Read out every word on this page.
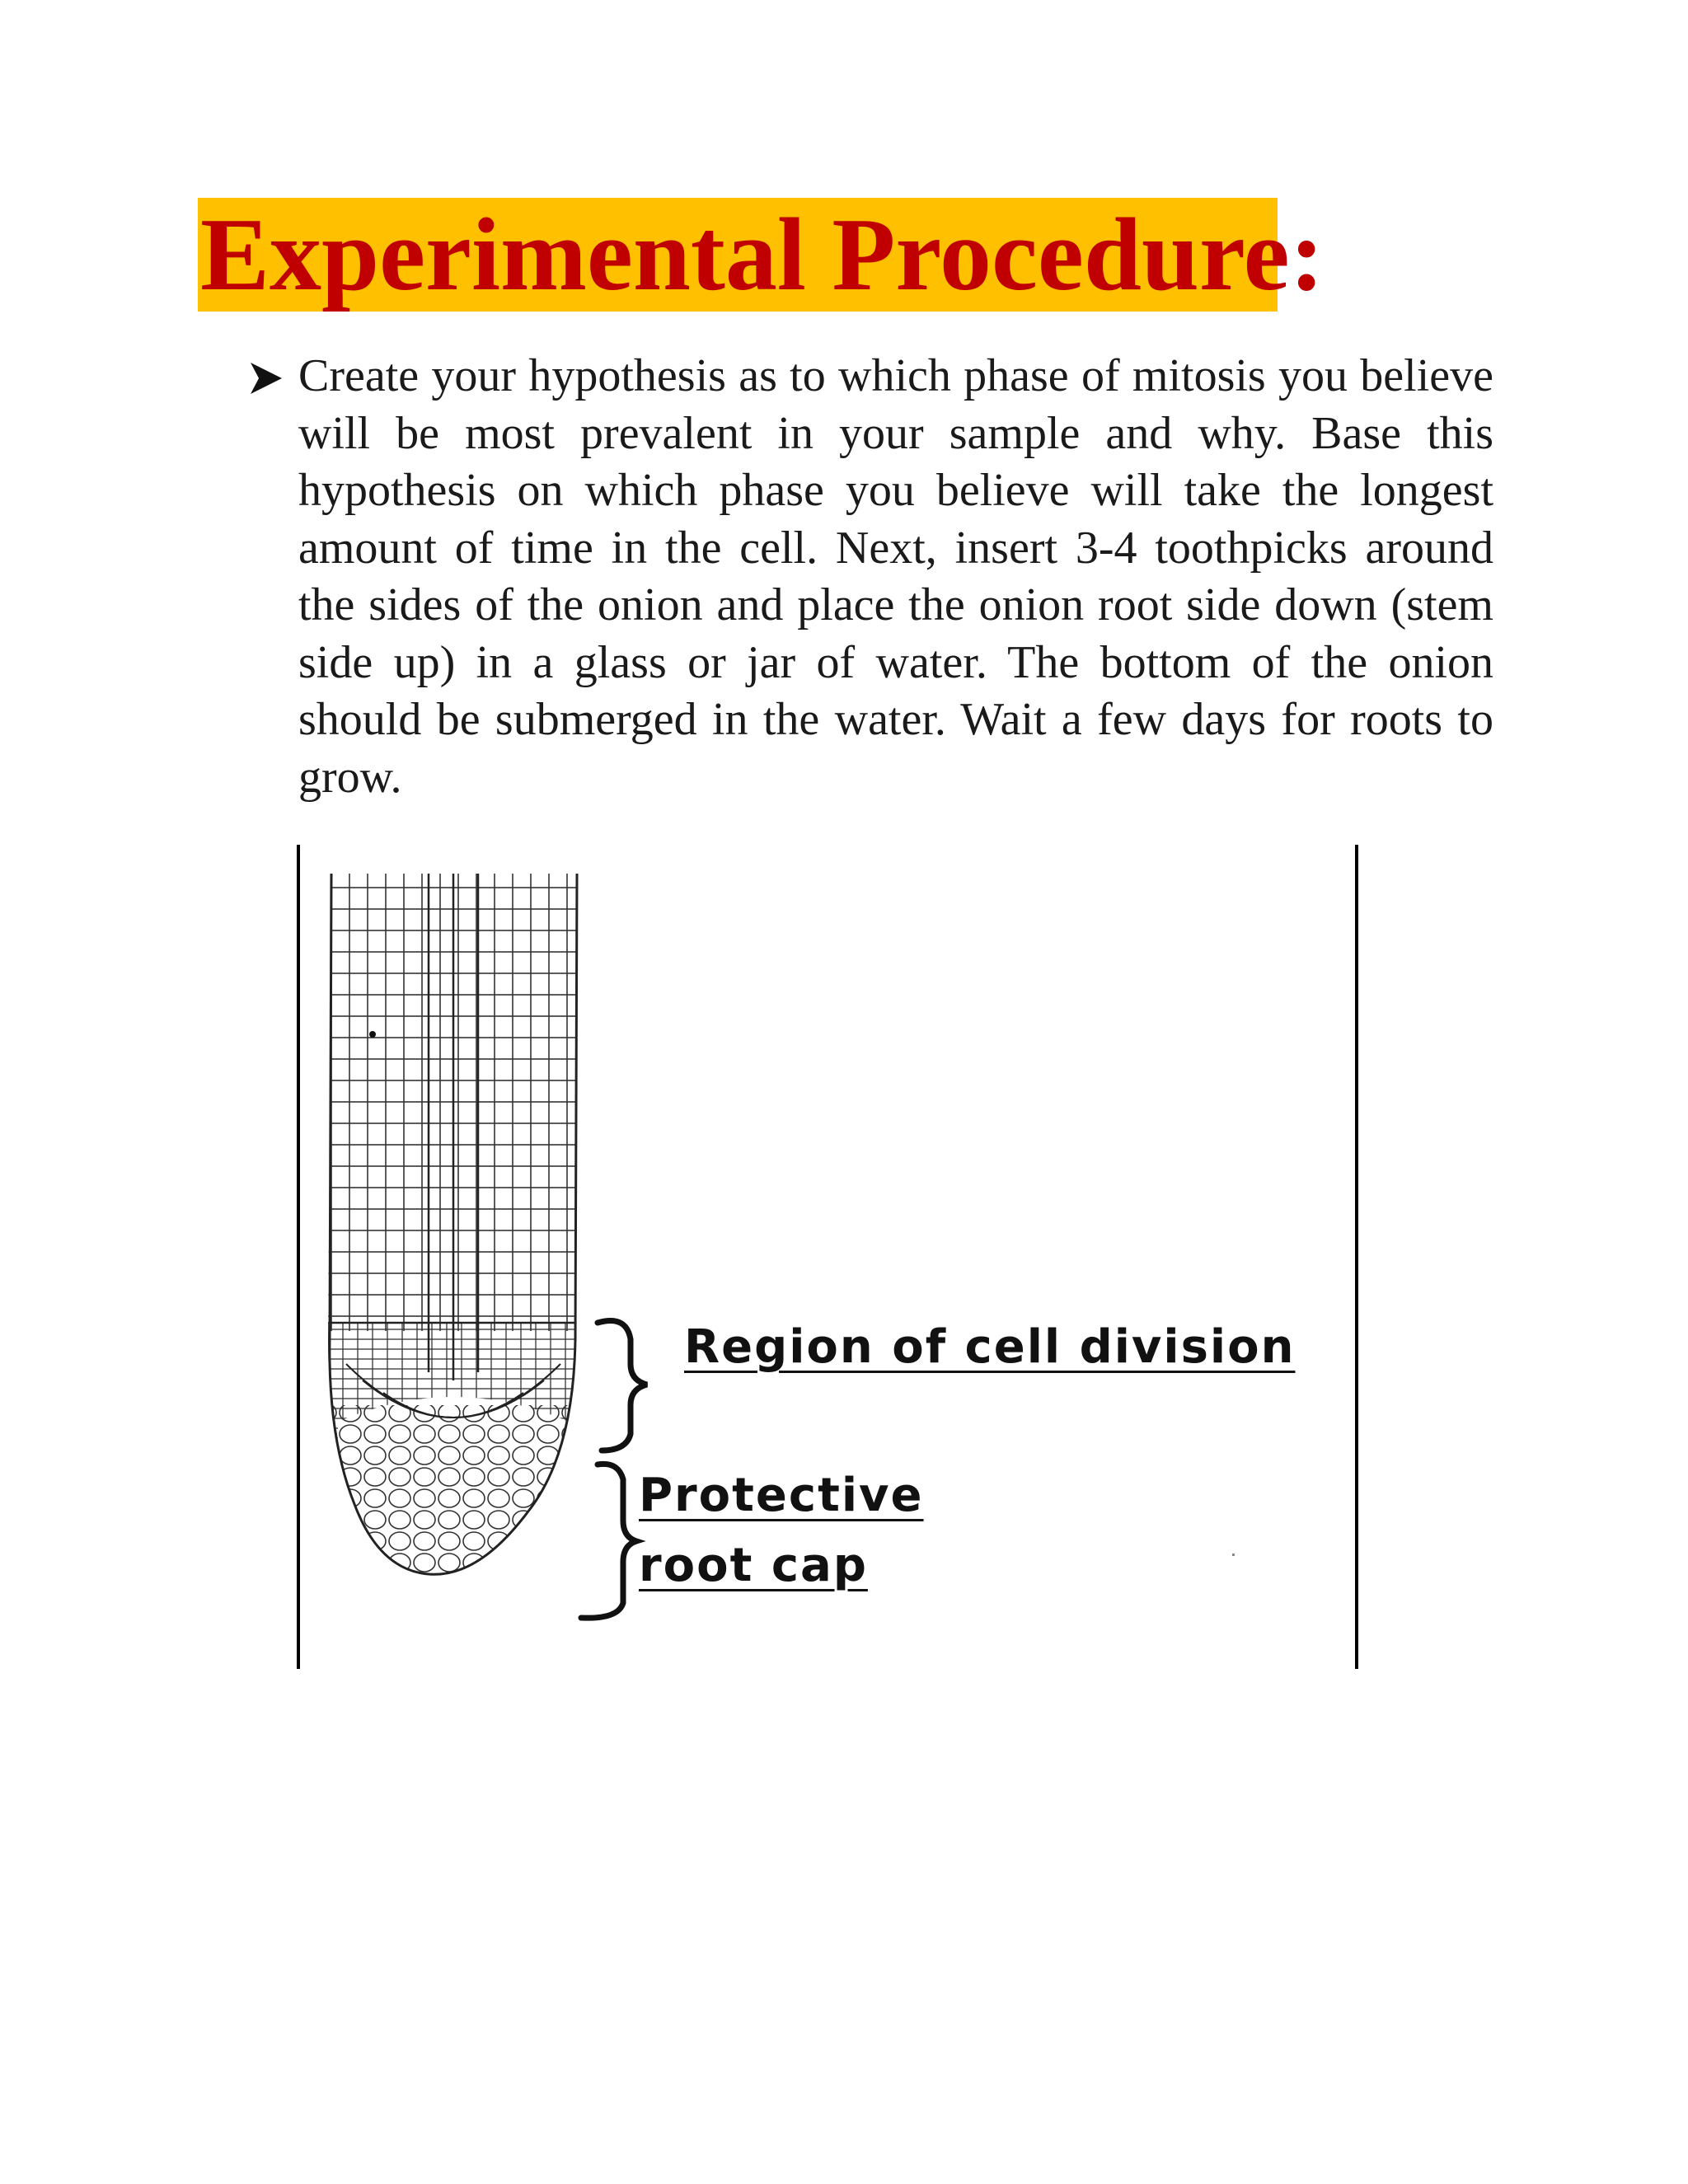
Experimental Procedure:

Create your hypothesis as to which phase of mitosis you believe will be most prevalent in your sample and why. Base this hypothesis on which phase you believe will take the longest amount of time in the cell. Next, insert 3-4 toothpicks around the sides of the onion and place the onion root side down (stem side up) in a glass or jar of water. The bottom of the onion should be submerged in the water. Wait a few days for roots to grow.

Region of cell division

Protective

root cap
